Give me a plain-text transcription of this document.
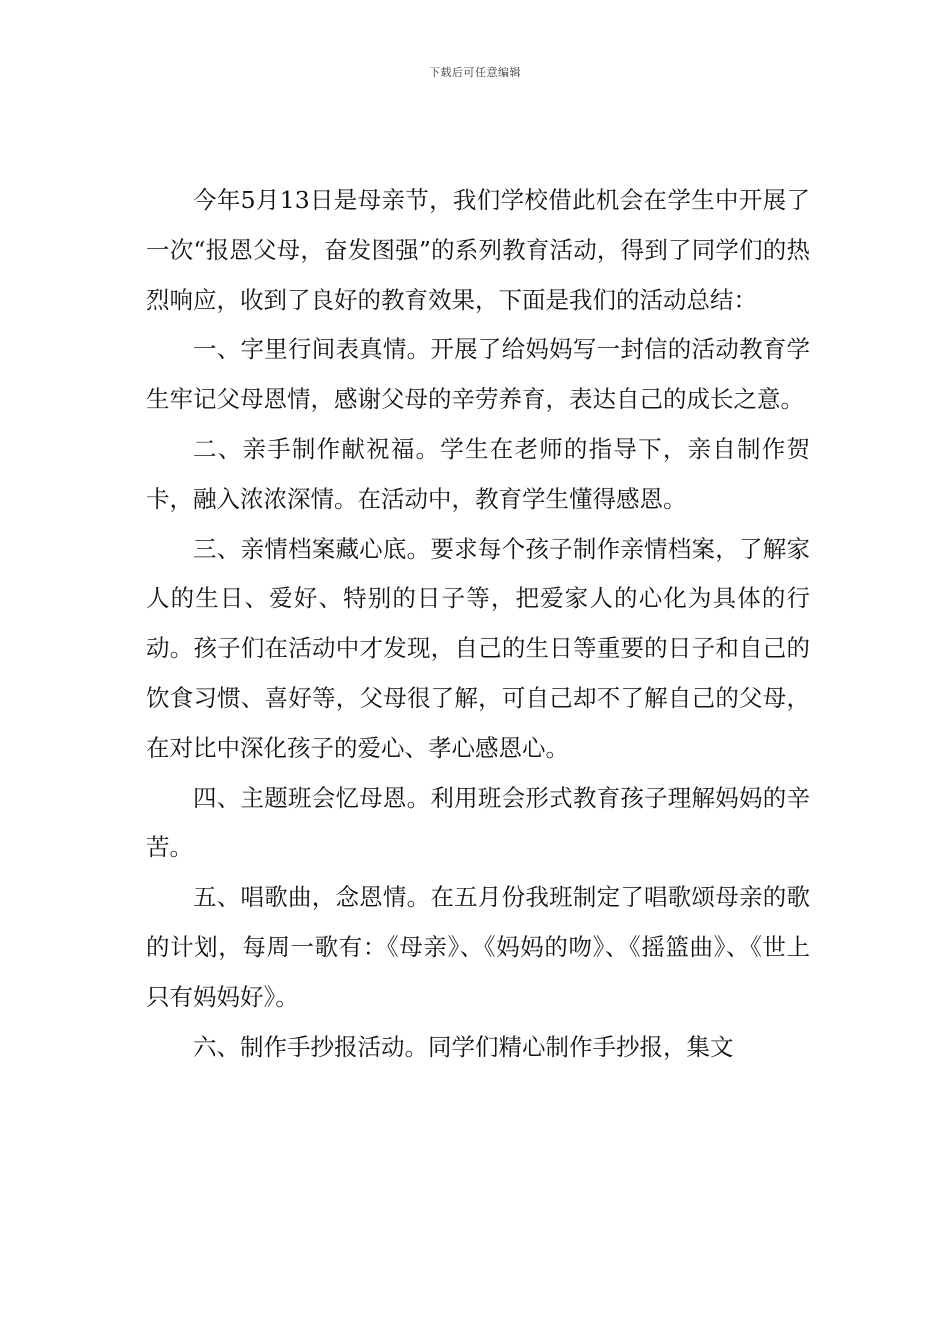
下载后可任意编辑

今年5月13日是母亲节，我们学校借此机会在学生中开展了一次“报恩父母，奋发图强”的系列教育活动，得到了同学们的热烈响应，收到了良好的教育效果，下面是我们的活动总结：

一、字里行间表真情。开展了给妈妈写一封信的活动教育学生牢记父母恩情，感谢父母的辛劳养育，表达自己的成长之意。

二、亲手制作献祝福。学生在老师的指导下，亲自制作贺卡，融入浓浓深情。在活动中，教育学生懂得感恩。

三、亲情档案藏心底。要求每个孩子制作亲情档案，了解家人的生日、爱好、特别的日子等，把爱家人的心化为具体的行动。孩子们在活动中才发现，自己的生日等重要的日子和自己的饮食习惯、喜好等，父母很了解，可自己却不了解自己的父母，在对比中深化孩子的爱心、孝心感恩心。

四、主题班会忆母恩。利用班会形式教育孩子理解妈妈的辛苦。

五、唱歌曲，念恩情。在五月份我班制定了唱歌颂母亲的歌的计划，每周一歌有：《母亲》、《妈妈的吻》、《摇篮曲》、《世上只有妈妈好》。

六、制作手抄报活动。同学们精心制作手抄报，集文
